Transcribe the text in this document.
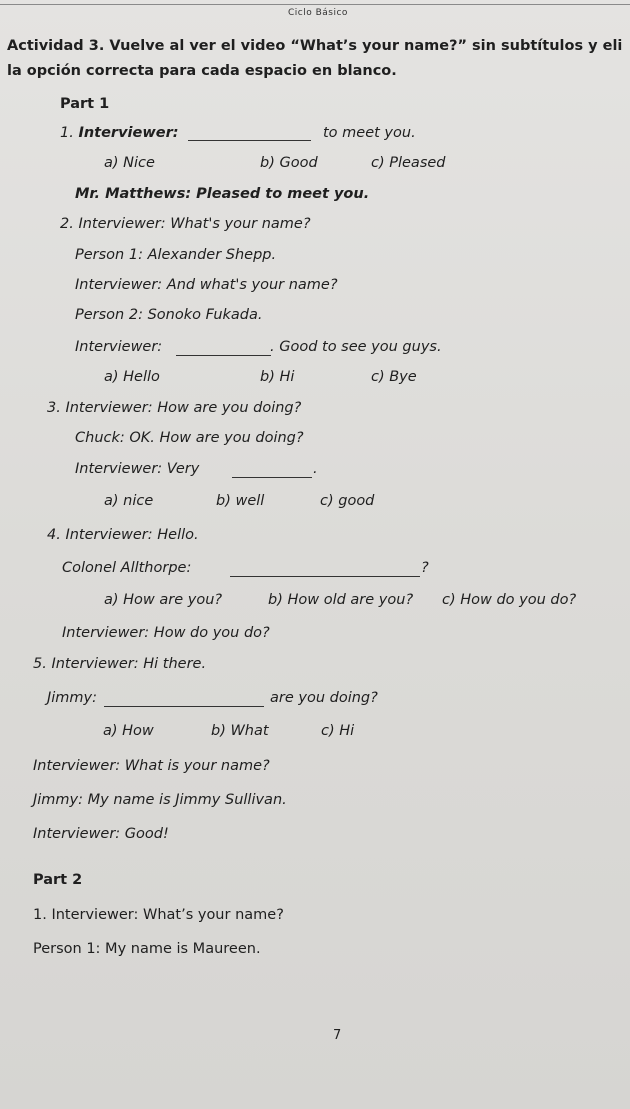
Ciclo Básico
Actividad 3. Vuelve al ver el video “What’s your name?” sin subtítulos y eli
la opción correcta para cada espacio en blanco.
Part 1
1. Interviewer:	to meet you.
a) Nice	b) Good	c) Pleased
Mr. Matthews: Pleased to meet you.
2. Interviewer: What's your name?
Person 1: Alexander Shepp.
Interviewer: And what's your name?
Person 2: Sonoko Fukada.
Interviewer:	. Good to see you guys.
a) Hello	b) Hi	c) Bye
3. Interviewer: How are you doing?
Chuck: OK. How are you doing?
Interviewer: Very	.
a) nice	b) well	c) good
4. Interviewer: Hello.
Colonel Allthorpe:	?
a) How are you?	b) How old are you? c) How do you do?
Interviewer: How do you do?
5. Interviewer: Hi there.
Jimmy:	are you doing?
a) How	b) What	c) Hi
Interviewer: What is your name?
Jimmy: My name is Jimmy Sullivan.
Interviewer: Good!
Part 2
1. Interviewer: What’s your name?
Person 1: My name is Maureen.
7
